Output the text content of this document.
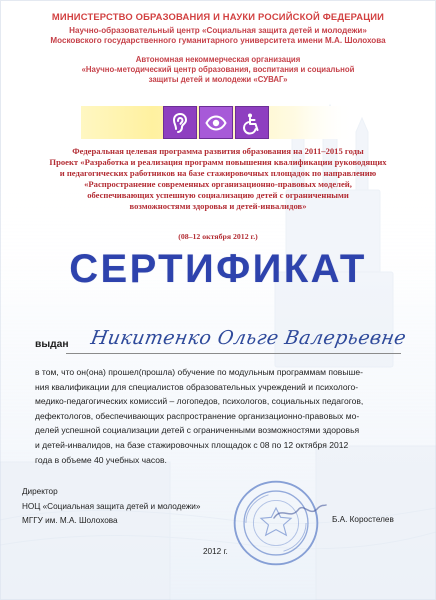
МИНИСТЕРСТВО ОБРАЗОВАНИЯ И НАУКИ РОСИЙСКОЙ ФЕДЕРАЦИИ
Научно-образовательный центр «Социальная защита детей и молодежи»
Московского государственного гуманитарного университета имени М.А. Шолохова
Автономная некоммерческая организация
«Научно-методический центр образования, воспитания и социальной
защиты детей и молодежи «СУВАГ»
Федеральная целевая программа развития образования на 2011–2015 годы
Проект «Разработка и реализация программ повышения квалификации руководящих
и педагогических работников на базе стажировочных площадок по направлению
«Распространение современных организационно-правовых моделей,
обеспечивающих успешную социализацию детей с ограниченными
возможностями здоровья и детей-инвалидов»
(08–12 октября 2012 г.)
СЕРТИФИКАТ
выдан Никитенко Ольге Валерьевне
в том, что он(она) прошел(прошла) обучение по модульным программам повыше-
ния квалификации для специалистов образовательных учреждений и психолого-
медико-педагогических комиссий – логопедов, психологов, социальных педагогов,
дефектологов, обеспечивающих распространение организационно-правовых мо-
делей успешной социализации детей с ограниченными возможностями здоровья
и детей-инвалидов, на базе стажировочных площадок с 08 по 12 октября 2012
года в объеме 40 учебных часов.
Директор
НОЦ «Социальная защита детей и молодежи»
МГГУ им. М.А. Шолохова	Б.А. Коростелев
2012 г.
